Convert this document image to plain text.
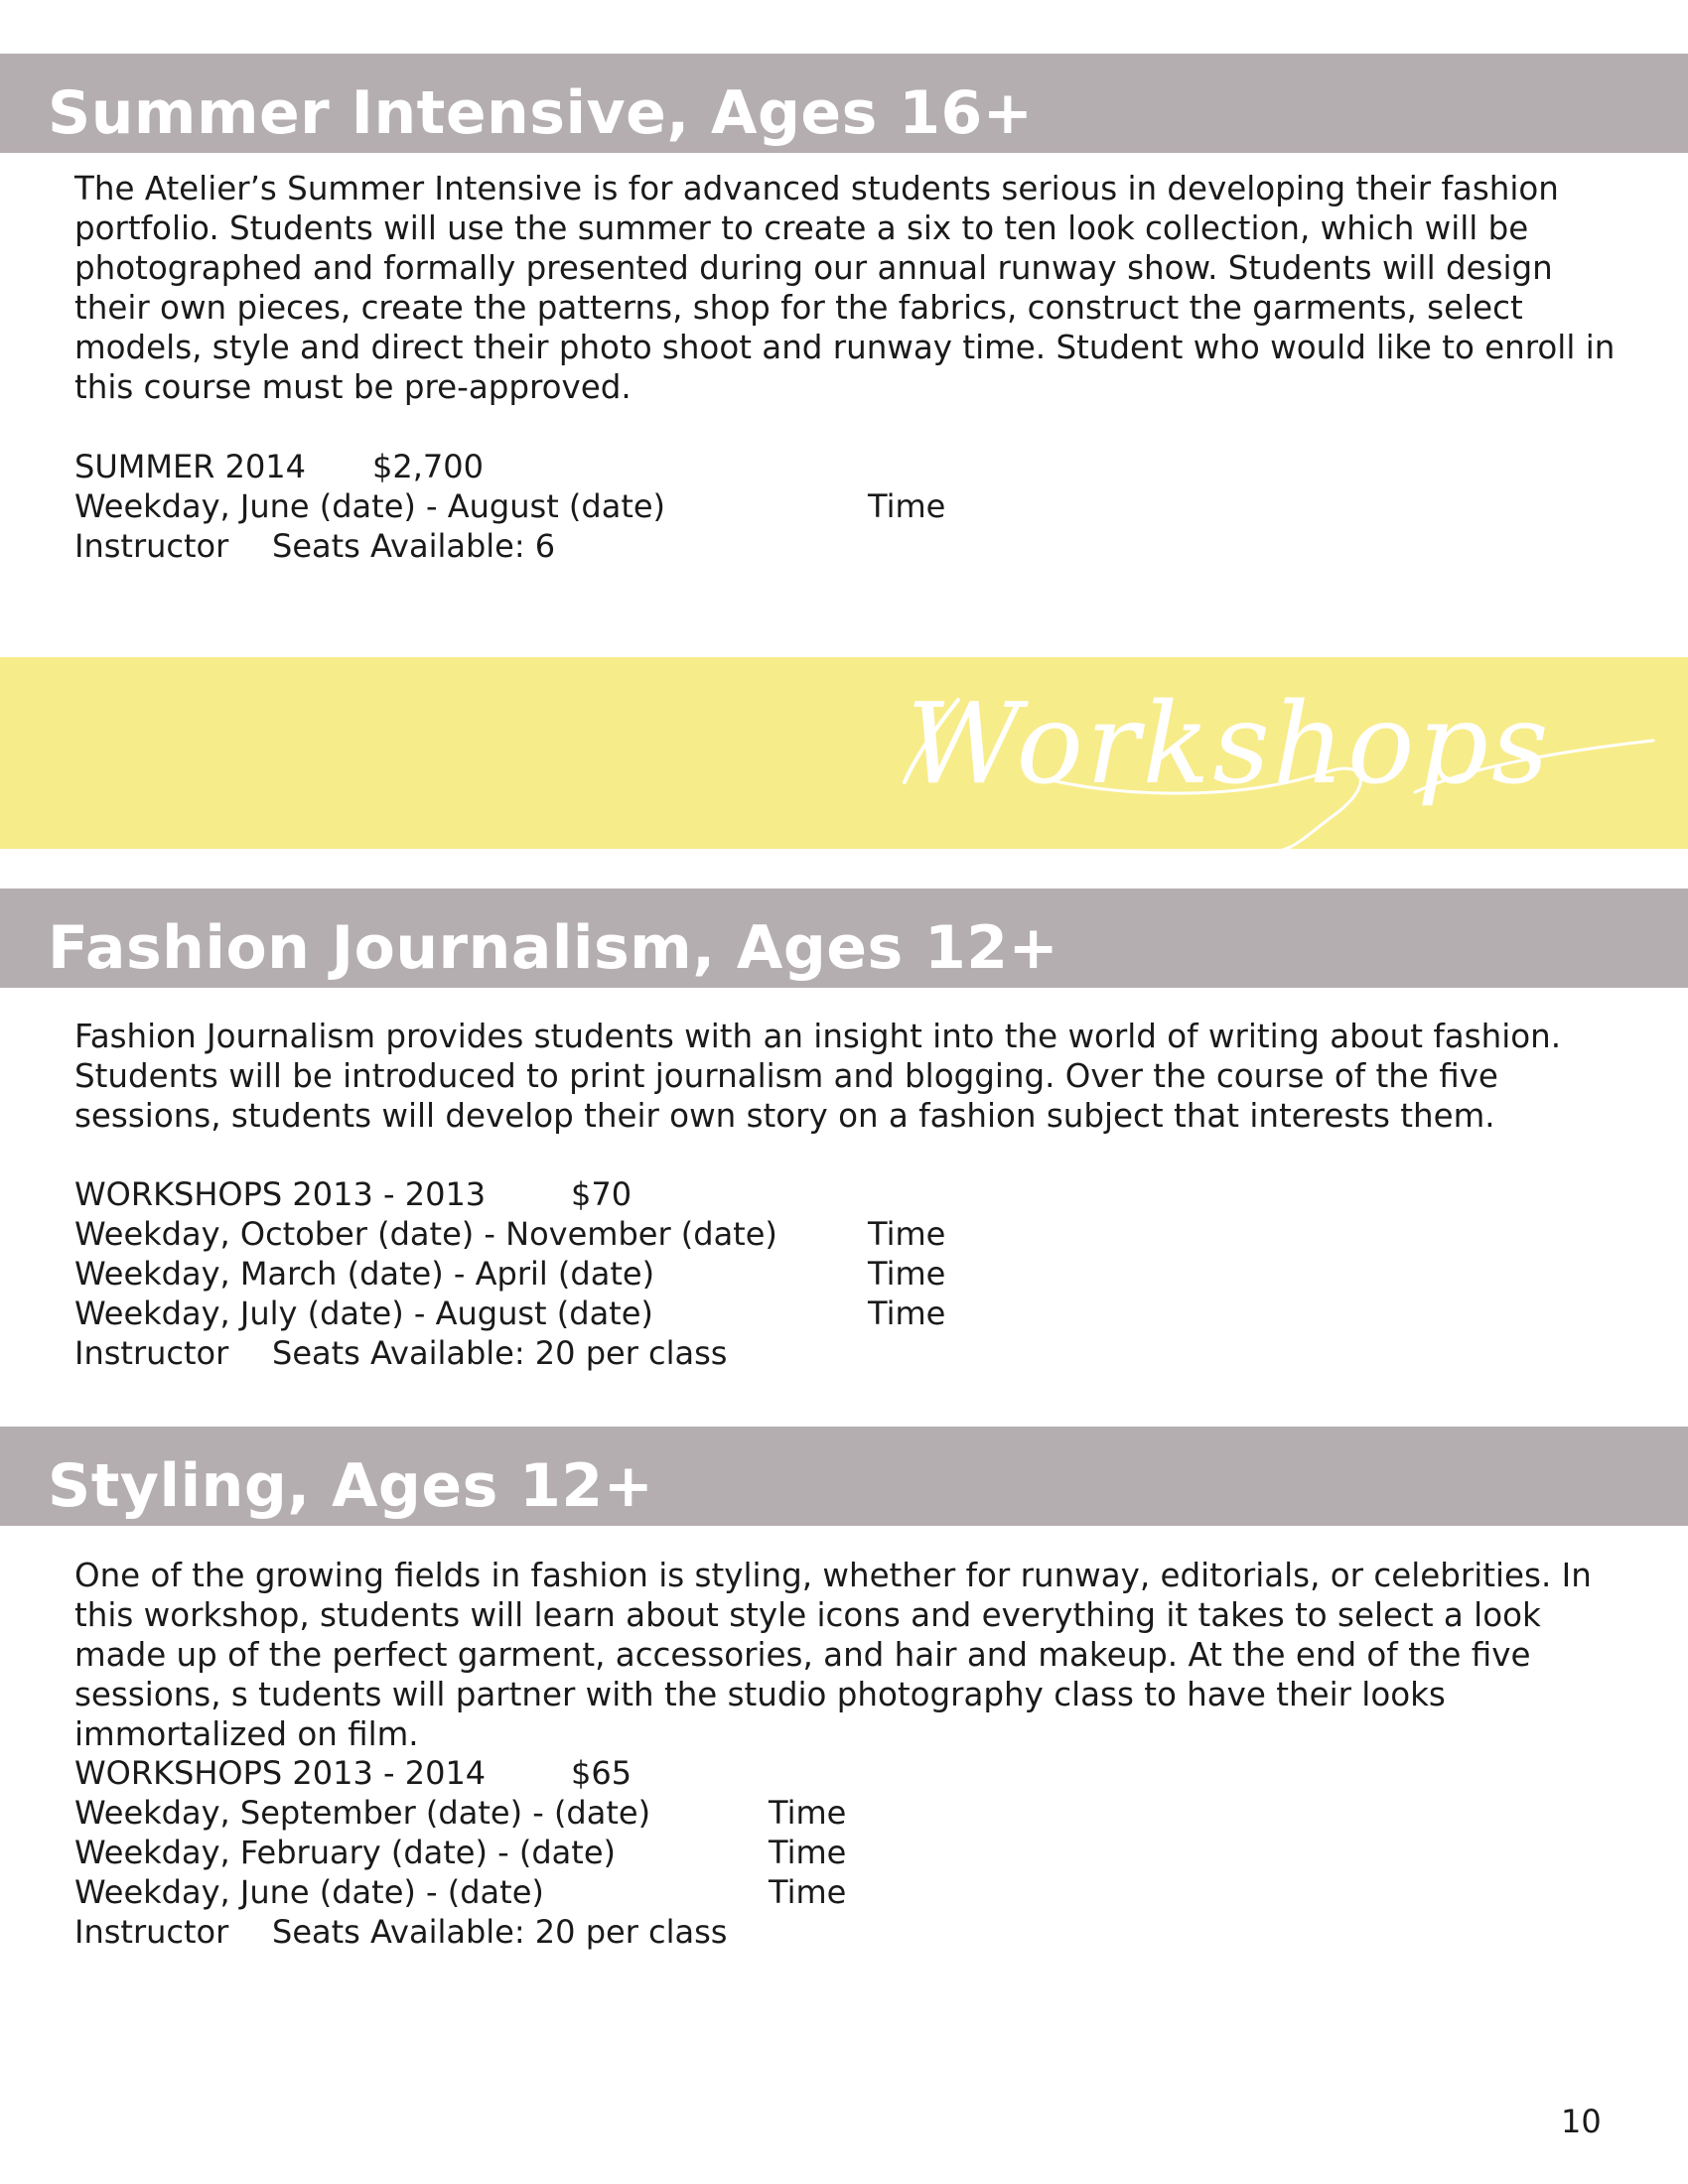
Summer Intensive, Ages 16+

The Atelier’s Summer Intensive is for advanced students serious in developing their fashion portfolio. Students will use the summer to create a six to ten look collection, which will be photographed and formally presented during our annual runway show. Students will design their own pieces, create the patterns, shop for the fabrics, construct the garments, select models, style and direct their photo shoot and runway time. Student who would like to enroll in this course must be pre-approved.

SUMMER 2014 $2,700
Weekday, June (date) - August (date)	Time
Instructor Seats Available: 6
Workshops
Fashion Journalism, Ages 12+

Fashion Journalism provides students with an insight into the world of writing about fashion. Students will be introduced to print journalism and blogging. Over the course of the five sessions, students will develop their own story on a fashion subject that interests them.

WORKSHOPS 2013 - 2013	$70
Weekday, October (date) - November (date)	Time
Weekday, March (date) - April (date)	Time
Weekday, July (date) - August (date)	Time
Instructor Seats Available: 20 per class
Styling, Ages 12+

One of the growing fields in fashion is styling, whether for runway, editorials, or celebrities. In this workshop, students will learn about style icons and everything it takes to select a look made up of the perfect garment, accessories, and hair and makeup. At the end of the five sessions, s tudents will partner with the studio photography class to have their looks immortalized on film.

WORKSHOPS 2013 - 2014	$65
Weekday, September (date) - (date)	Time
Weekday, February (date) - (date)	Time
Weekday, June (date) - (date)	Time
Instructor Seats Available: 20 per class
10
